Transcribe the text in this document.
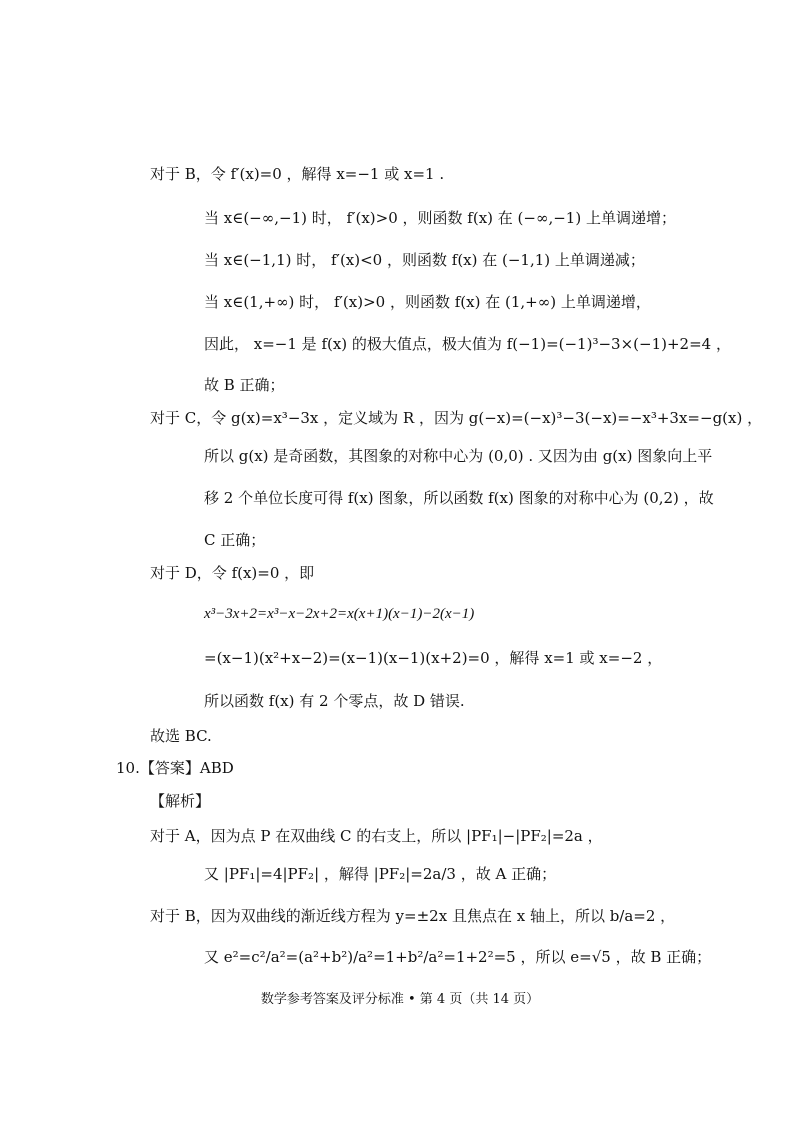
对于 B，令 f′(x)=0 ，解得 x=−1 或 x=1 .
当 x∈(−∞,−1) 时， f′(x)>0 ，则函数 f(x) 在 (−∞,−1) 上单调递增；
当 x∈(−1,1) 时， f′(x)<0 ，则函数 f(x) 在 (−1,1) 上单调递减；
当 x∈(1,+∞) 时， f′(x)>0 ，则函数 f(x) 在 (1,+∞) 上单调递增，
因此， x=−1 是 f(x) 的极大值点，极大值为 f(−1)=(−1)³−3×(−1)+2=4 ，
故 B 正确；
对于 C，令 g(x)=x³−3x ，定义域为 R ，因为 g(−x)=(−x)³−3(−x)=−x³+3x=−g(x) ，
所以 g(x) 是奇函数，其图象的对称中心为 (0,0) . 又因为由 g(x) 图象向上平
移 2 个单位长度可得 f(x) 图象，所以函数 f(x) 图象的对称中心为 (0,2) ，故
C 正确；
对于 D，令 f(x)=0 ，即
x³−3x+2=x³−x−2x+2=x(x+1)(x−1)−2(x−1)
=(x−1)(x²+x−2)=(x−1)(x−1)(x+2)=0 ，解得 x=1 或 x=−2 ，
所以函数 f(x) 有 2 个零点，故 D 错误.
故选 BC.
10.【答案】ABD
【解析】
对于 A，因为点 P 在双曲线 C 的右支上，所以 |PF₁|−|PF₂|=2a ，
又 |PF₁|=4|PF₂| ，解得 |PF₂|=2a/3 ，故 A 正确；
对于 B，因为双曲线的渐近线方程为 y=±2x 且焦点在 x 轴上，所以 b/a=2 ，
又 e²=c²/a²=(a²+b²)/a²=1+b²/a²=1+2²=5 ，所以 e=√5 ，故 B 正确；
数学参考答案及评分标准 • 第 4 页（共 14 页）
